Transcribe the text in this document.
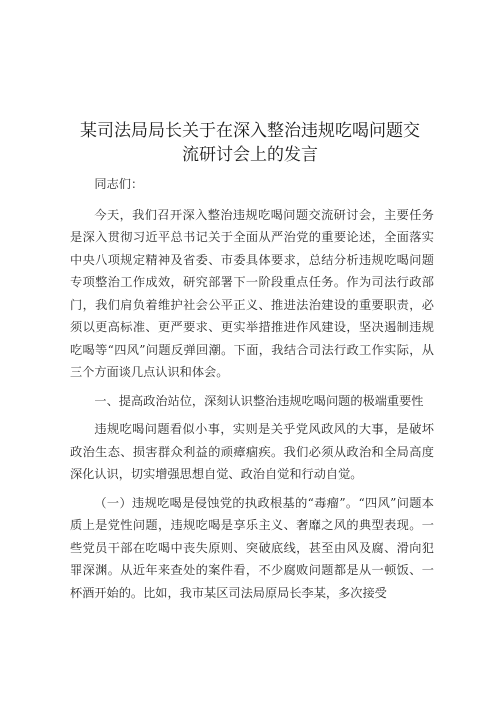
某司法局局长关于在深入整治违规吃喝问题交
流研讨会上的发言

同志们：

今天，我们召开深入整治违规吃喝问题交流研讨会，主要任务是深入贯彻习近平总书记关于全面从严治党的重要论述，全面落实中央八项规定精神及省委、市委具体要求，总结分析违规吃喝问题专项整治工作成效，研究部署下一阶段重点任务。作为司法行政部门，我们肩负着维护社会公平正义、推进法治建设的重要职责，必须以更高标准、更严要求、更实举措推进作风建设，坚决遏制违规吃喝等“四风”问题反弹回潮。下面，我结合司法行政工作实际，从三个方面谈几点认识和体会。

一、提高政治站位，深刻认识整治违规吃喝问题的极端重要性

违规吃喝问题看似小事，实则是关乎党风政风的大事，是破坏政治生态、损害群众利益的顽瘴痼疾。我们必须从政治和全局高度深化认识，切实增强思想自觉、政治自觉和行动自觉。

（一）违规吃喝是侵蚀党的执政根基的“毒瘤”。“四风”问题本质上是党性问题，违规吃喝是享乐主义、奢靡之风的典型表现。一些党员干部在吃喝中丧失原则、突破底线，甚至由风及腐、滑向犯罪深渊。从近年来查处的案件看，不少腐败问题都是从一顿饭、一杯酒开始的。比如，我市某区司法局原局长李某，多次接受
